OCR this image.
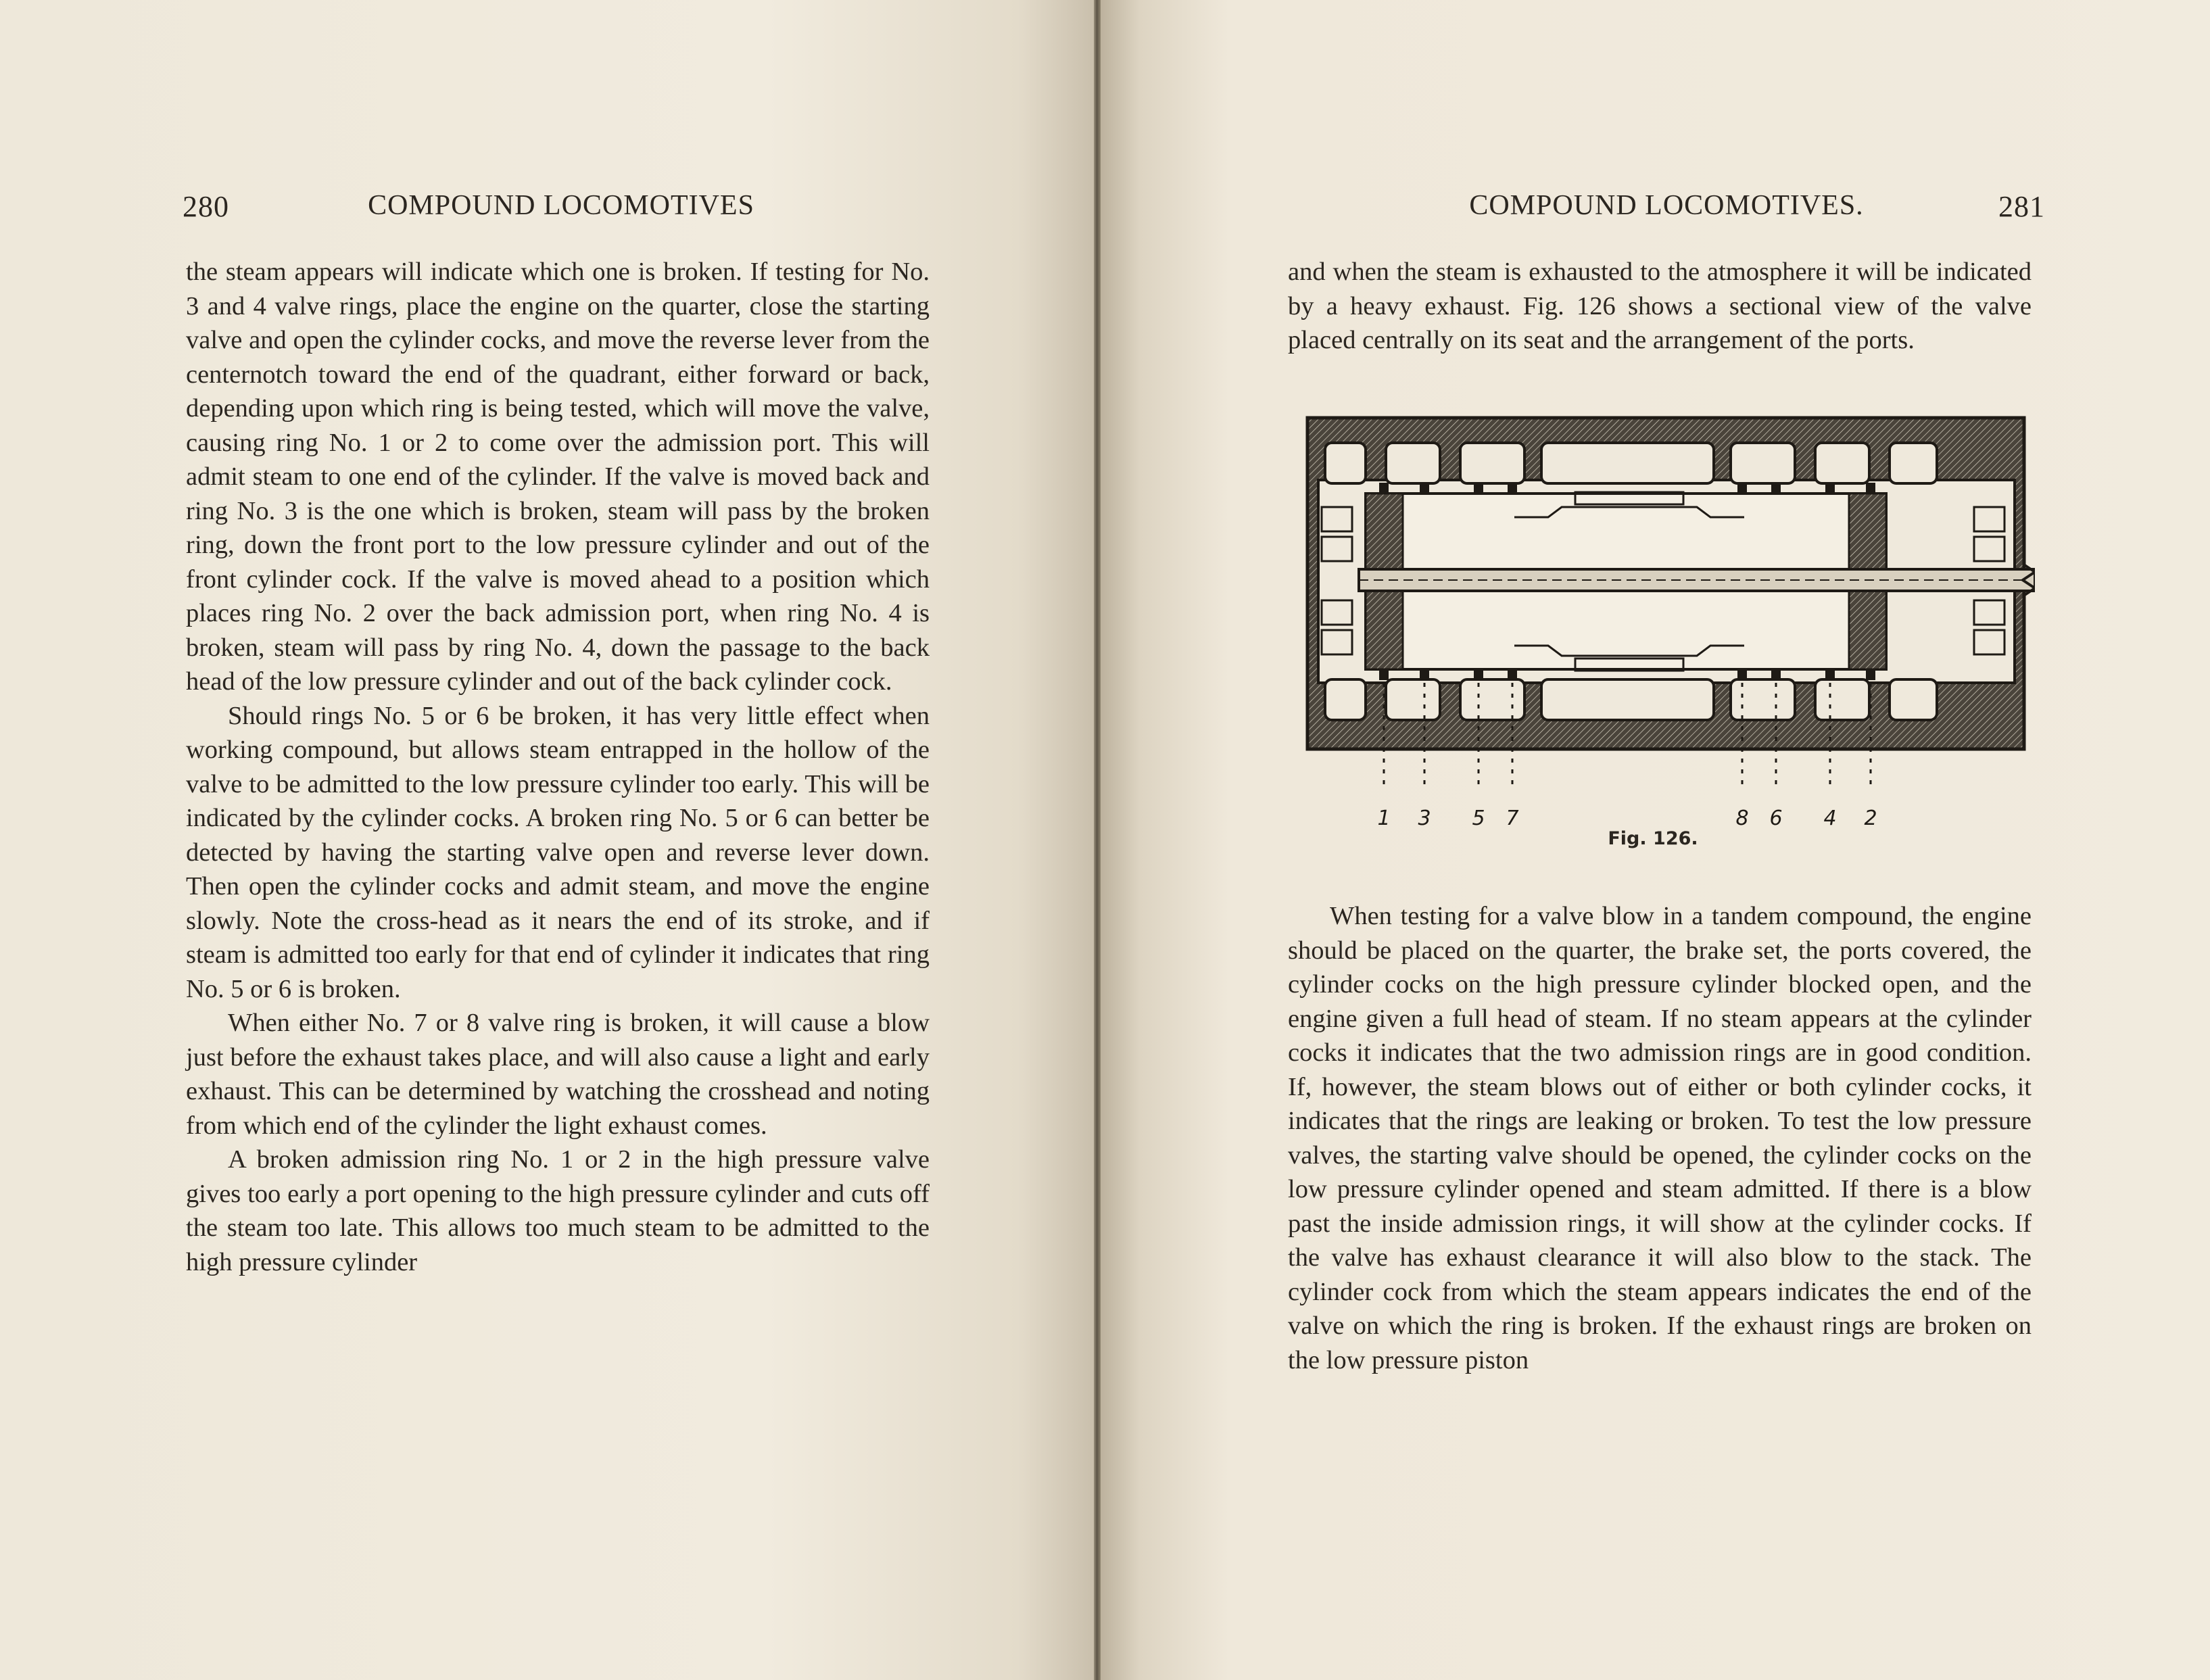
280	COMPOUND LOCOMOTIVES	COMPOUND LOCOMOTIVES.	281

the steam appears will indicate which one is broken. If testing for No. 3 and 4 valve rings, place the engine on the quarter, close the starting valve and open the cylinder cocks, and move the reverse lever from the centernotch toward the end of the quadrant, either forward or back, depending upon which ring is being tested, which will move the valve, causing ring No. 1 or 2 to come over the admission port. This will admit steam to one end of the cylinder. If the valve is moved back and ring No. 3 is the one which is broken, steam will pass by the broken ring, down the front port to the low pressure cylinder and out of the front cylinder cock. If the valve is moved ahead to a position which places ring No. 2 over the back admission port, when ring No. 4 is broken, steam will pass by ring No. 4, down the passage to the back head of the low pressure cylinder and out of the back cylinder cock.

Should rings No. 5 or 6 be broken, it has very little effect when working compound, but allows steam entrapped in the hollow of the valve to be admitted to the low pressure cylinder too early. This will be indicated by the cylinder cocks. A broken ring No. 5 or 6 can better be detected by having the starting valve open and reverse lever down. Then open the cylinder cocks and admit steam, and move the engine slowly. Note the cross-head as it nears the end of its stroke, and if steam is admitted too early for that end of cylinder it indicates that ring No. 5 or 6 is broken.

When either No. 7 or 8 valve ring is broken, it will cause a blow just before the exhaust takes place, and will also cause a light and early exhaust. This can be determined by watching the crosshead and noting from which end of the cylinder the light exhaust comes.

A broken admission ring No. 1 or 2 in the high pressure valve gives too early a port opening to the high pressure cylinder and cuts off the steam too late. This allows too much steam to be admitted to the high pressure cylinder

and when the steam is exhausted to the atmosphere it will be indicated by a heavy exhaust. Fig. 126 shows a sectional view of the valve placed centrally on its seat and the arrangement of the ports.

1 3 5 7	8 6 4 2
Fig. 126.

When testing for a valve blow in a tandem compound, the engine should be placed on the quarter, the brake set, the ports covered, the cylinder cocks on the high pressure cylinder blocked open, and the engine given a full head of steam. If no steam appears at the cylinder cocks it indicates that the two admission rings are in good condition. If, however, the steam blows out of either or both cylinder cocks, it indicates that the rings are leaking or broken. To test the low pressure valves, the starting valve should be opened, the cylinder cocks on the low pressure cylinder opened and steam admitted. If there is a blow past the inside admission rings, it will show at the cylinder cocks. If the valve has exhaust clearance it will also blow to the stack. The cylinder cock from which the steam appears indicates the end of the valve on which the ring is broken. If the exhaust rings are broken on the low pressure piston
